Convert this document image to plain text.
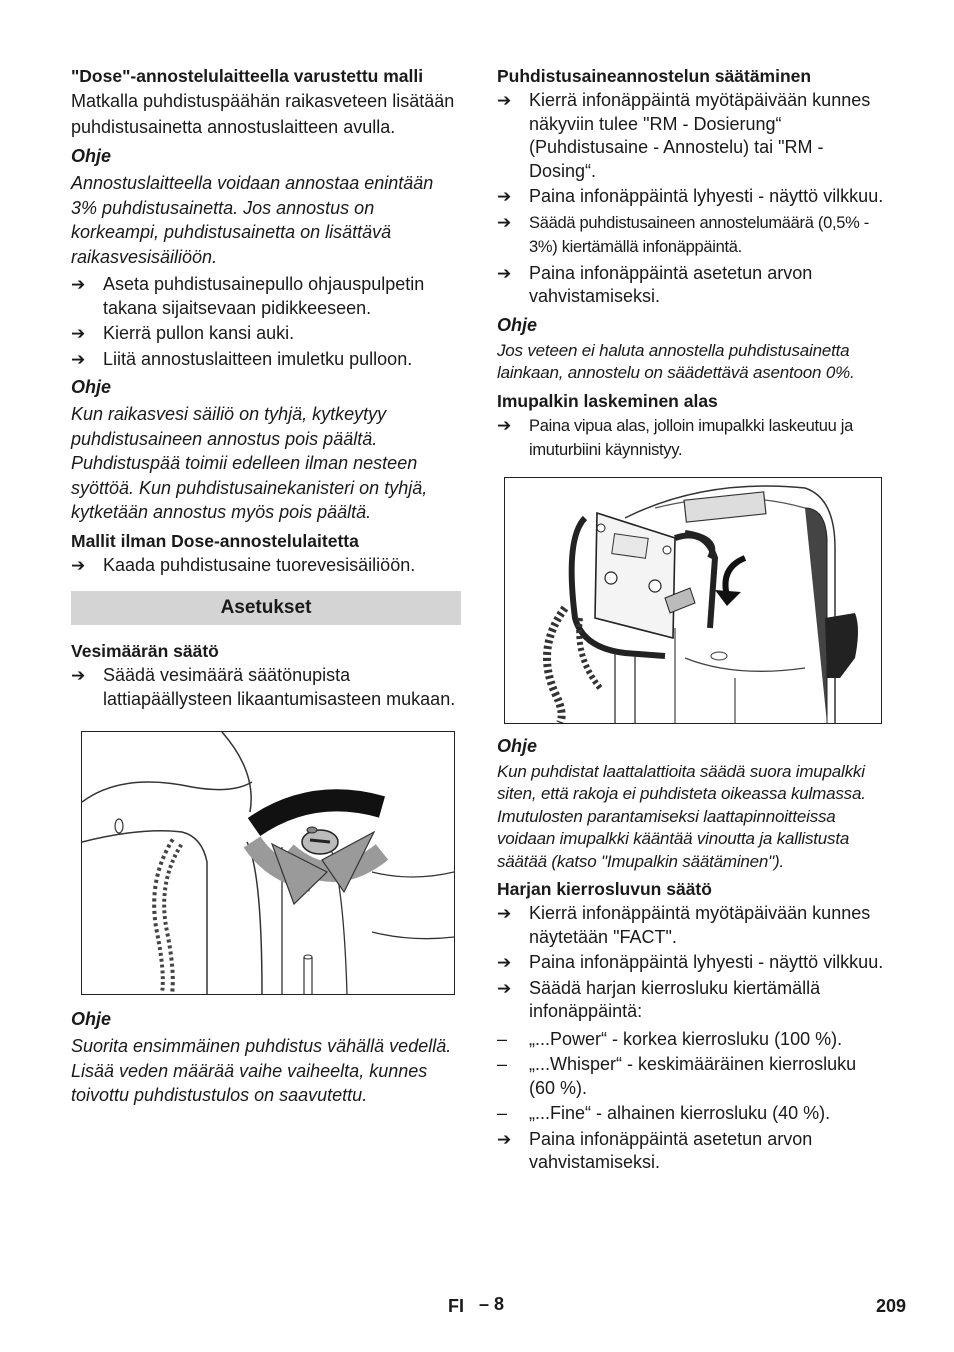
"Dose"-annostelulaitteella varustettu malli
Matkalla puhdistuspäähän raikasveteen lisätään puhdistusainetta annostuslaitteen avulla.
Ohje
Annostuslaitteella voidaan annostaa enintään 3% puhdistusainetta. Jos annostus on korkeampi, puhdistusainetta on lisättävä raikasvesisäiliöön.
➔ Aseta puhdistusainepullo ohjauspulpetin takana sijaitsevaan pidikkeeseen.
➔ Kierrä pullon kansi auki.
➔ Liitä annostuslaitteen imuletku pulloon.
Ohje
Kun raikasvesi säiliö on tyhjä, kytkeytyy puhdistusaineen annostus pois päältä. Puhdistuspää toimii edelleen ilman nesteen syöttöä. Kun puhdistusainekanisteri on tyhjä, kytketään annostus myös pois päältä.
Mallit ilman Dose-annostelulaitetta
➔ Kaada puhdistusaine tuorevesisäiliöön.
Asetukset
Vesimäärän säätö
➔ Säädä vesimäärä säätönupista lattiapäällysteen likaantumisasteen mukaan.
Ohje
Suorita ensimmäinen puhdistus vähällä vedellä. Lisää veden määrää vaihe vaiheelta, kunnes toivottu puhdistustulos on saavutettu.
Puhdistusaineannostelun säätäminen
➔ Kierrä infonäppäintä myötäpäivään kunnes näkyviin tulee "RM - Dosierung“ (Puhdistusaine - Annostelu) tai "RM - Dosing“.
➔ Paina infonäppäintä lyhyesti - näyttö vilkkuu.
➔ Säädä puhdistusaineen annostelumäärä (0,5% - 3%) kiertämällä infonäppäintä.
➔ Paina infonäppäintä asetetun arvon vahvistamiseksi.
Ohje
Jos veteen ei haluta annostella puhdistusainetta lainkaan, annostelu on säädettävä asentoon 0%.
Imupalkin laskeminen alas
➔ Paina vipua alas, jolloin imupalkki laskeutuu ja imuturbiini käynnistyy.
Ohje
Kun puhdistat laattalattioita säädä suora imupalkki siten, että rakoja ei puhdisteta oikeassa kulmassa.
Imutulosten parantamiseksi laattapinnoitteissa voidaan imupalkki kääntää vinoutta ja kallistusta säätää (katso "Imupalkin säätäminen").
Harjan kierrosluvun säätö
➔ Kierrä infonäppäintä myötäpäivään kunnes näytetään "FACT".
➔ Paina infonäppäintä lyhyesti - näyttö vilkkuu.
➔ Säädä harjan kierrosluku kiertämällä infonäppäintä:
– „...Power“ - korkea kierrosluku (100 %).
– „...Whisper“ - keskimääräinen kierrosluku (60 %).
– „...Fine“ - alhainen kierrosluku (40 %).
➔ Paina infonäppäintä asetetun arvon vahvistamiseksi.
FI – 8	209
